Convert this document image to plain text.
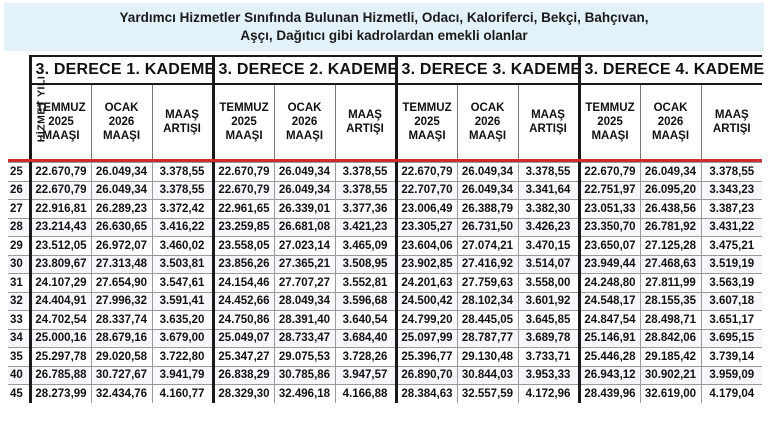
Yardımcı Hizmetler Sınıfında Bulunan Hizmetli, Odacı, Kaloriferci, Bekçi, Bahçıvan,
Aşçı, Dağıtıcı gibi kadrolardan emekli olanlar
HİZMET YILI	3. DERECE 1. KADEME			3. DERECE 2. KADEME			3. DERECE 3. KADEME			3. DERECE 4. KADEME		

	TEMMUZ
2025
MAAŞI	OCAK
2026
MAAŞI	MAAŞ
ARTIŞI	TEMMUZ
2025
MAAŞI	OCAK
2026
MAAŞI	MAAŞ
ARTIŞI	TEMMUZ
2025
MAAŞI	OCAK
2026
MAAŞI	MAAŞ
ARTIŞI	TEMMUZ
2025
MAAŞI	OCAK
2026
MAAŞI	MAAŞ
ARTIŞI

25	22.670,79	26.049,34	3.378,55	22.670,79	26.049,34	3.378,55	22.670,79	26.049,34	3.378,55	22.670,79	26.049,34	3.378,55
26	22.670,79	26.049,34	3.378,55	22.670,79	26.049,34	3.378,55	22.707,70	26.049,34	3.341,64	22.751,97	26.095,20	3.343,23
27	22.916,81	26.289,23	3.372,42	22.961,65	26.339,01	3.377,36	23.006,49	26.388,79	3.382,30	23.051,33	26.438,56	3.387,23
28	23.214,43	26.630,65	3.416,22	23.259,85	26.681,08	3.421,23	23.305,27	26.731,50	3.426,23	23.350,70	26.781,92	3.431,22
29	23.512,05	26.972,07	3.460,02	23.558,05	27.023,14	3.465,09	23.604,06	27.074,21	3.470,15	23.650,07	27.125,28	3.475,21
30	23.809,67	27.313,48	3.503,81	23.856,26	27.365,21	3.508,95	23.902,85	27.416,92	3.514,07	23.949,44	27.468,63	3.519,19
31	24.107,29	27.654,90	3.547,61	24.154,46	27.707,27	3.552,81	24.201,63	27.759,63	3.558,00	24.248,80	27.811,99	3.563,19
32	24.404,91	27.996,32	3.591,41	24.452,66	28.049,34	3.596,68	24.500,42	28.102,34	3.601,92	24.548,17	28.155,35	3.607,18
33	24.702,54	28.337,74	3.635,20	24.750,86	28.391,40	3.640,54	24.799,20	28.445,05	3.645,85	24.847,54	28.498,71	3.651,17
34	25.000,16	28.679,16	3.679,00	25.049,07	28.733,47	3.684,40	25.097,99	28.787,77	3.689,78	25.146,91	28.842,06	3.695,15
35	25.297,78	29.020,58	3.722,80	25.347,27	29.075,53	3.728,26	25.396,77	29.130,48	3.733,71	25.446,28	29.185,42	3.739,14
40	26.785,88	30.727,67	3.941,79	26.838,29	30.785,86	3.947,57	26.890,70	30.844,03	3.953,33	26.943,12	30.902,21	3.959,09
45	28.273,99	32.434,76	4.160,77	28.329,30	32.496,18	4.166,88	28.384,63	32.557,59	4.172,96	28.439,96	32.619,00	4.179,04
